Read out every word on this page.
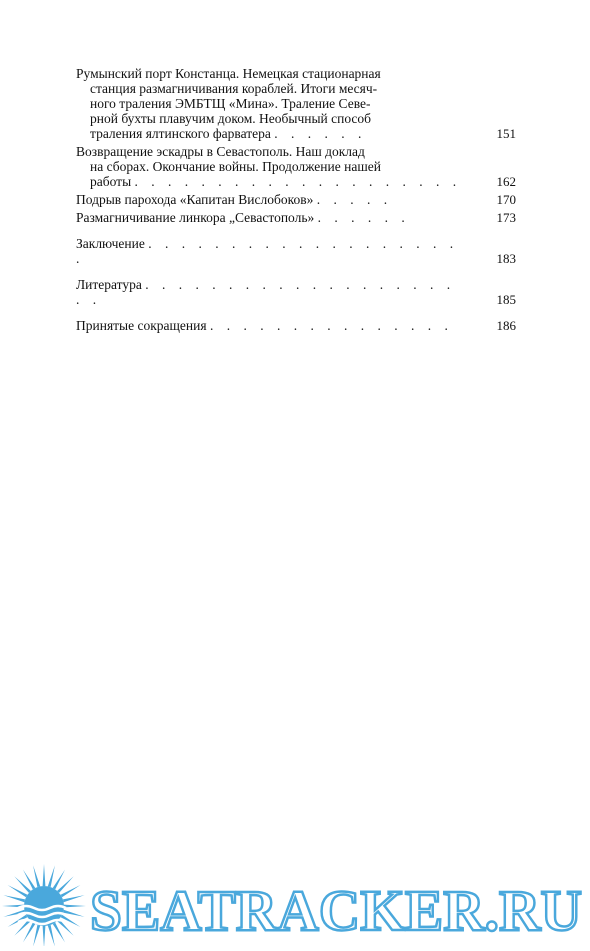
Румынский порт Констанца. Немецкая стационарная
станция размагничивания кораблей. Итоги месяч-
ного траления ЭМБТЩ «Мина». Траление Севе-
рной бухты плавучим доком. Необычный способ
траления ялтинского фарватера . . . . . .	151
Возвращение эскадры в Севастополь. Наш доклад
на сборах. Окончание войны. Продолжение нашей
работы . . . . . . . . . . . . . . . . . . . .	162
Подрыв парохода «Капитан Вислобоков» . . . . .	170
Размагничивание линкора „Севастополь» . . . . . .	173
Заключение . . . . . . . . . . . . . . . . . . . .	183
Литература . . . . . . . . . . . . . . . . . . . . .	185
Принятые сокращения . . . . . . . . . . . . . . .	186
SEATRACKER.RU
